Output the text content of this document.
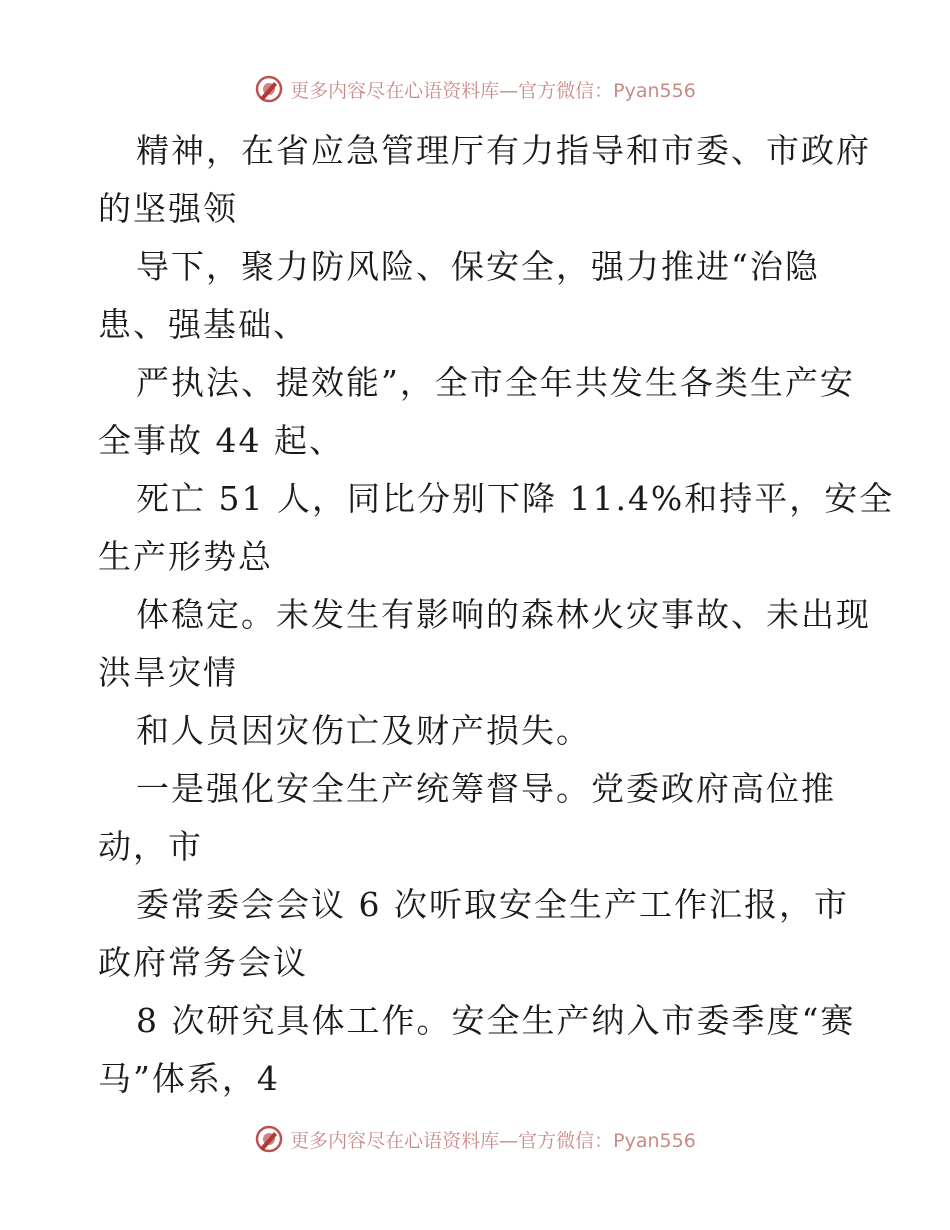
更多内容尽在心语资料库—官方微信：Pyan556
精神，在省应急管理厅有力指导和市委、市政府
的坚强领
导下，聚力防风险、保安全，强力推进“治隐
患、强基础、
严执法、提效能”，全市全年共发生各类生产安
全事故 44 起、
死亡 51 人，同比分别下降 11.4%和持平，安全
生产形势总
体稳定。未发生有影响的森林火灾事故、未出现
洪旱灾情
和人员因灾伤亡及财产损失。
一是强化安全生产统筹督导。党委政府高位推
动，市
委常委会会议 6 次听取安全生产工作汇报，市
政府常务会议
8 次研究具体工作。安全生产纳入市委季度“赛
马”体系，4
更多内容尽在心语资料库—官方微信：Pyan556
